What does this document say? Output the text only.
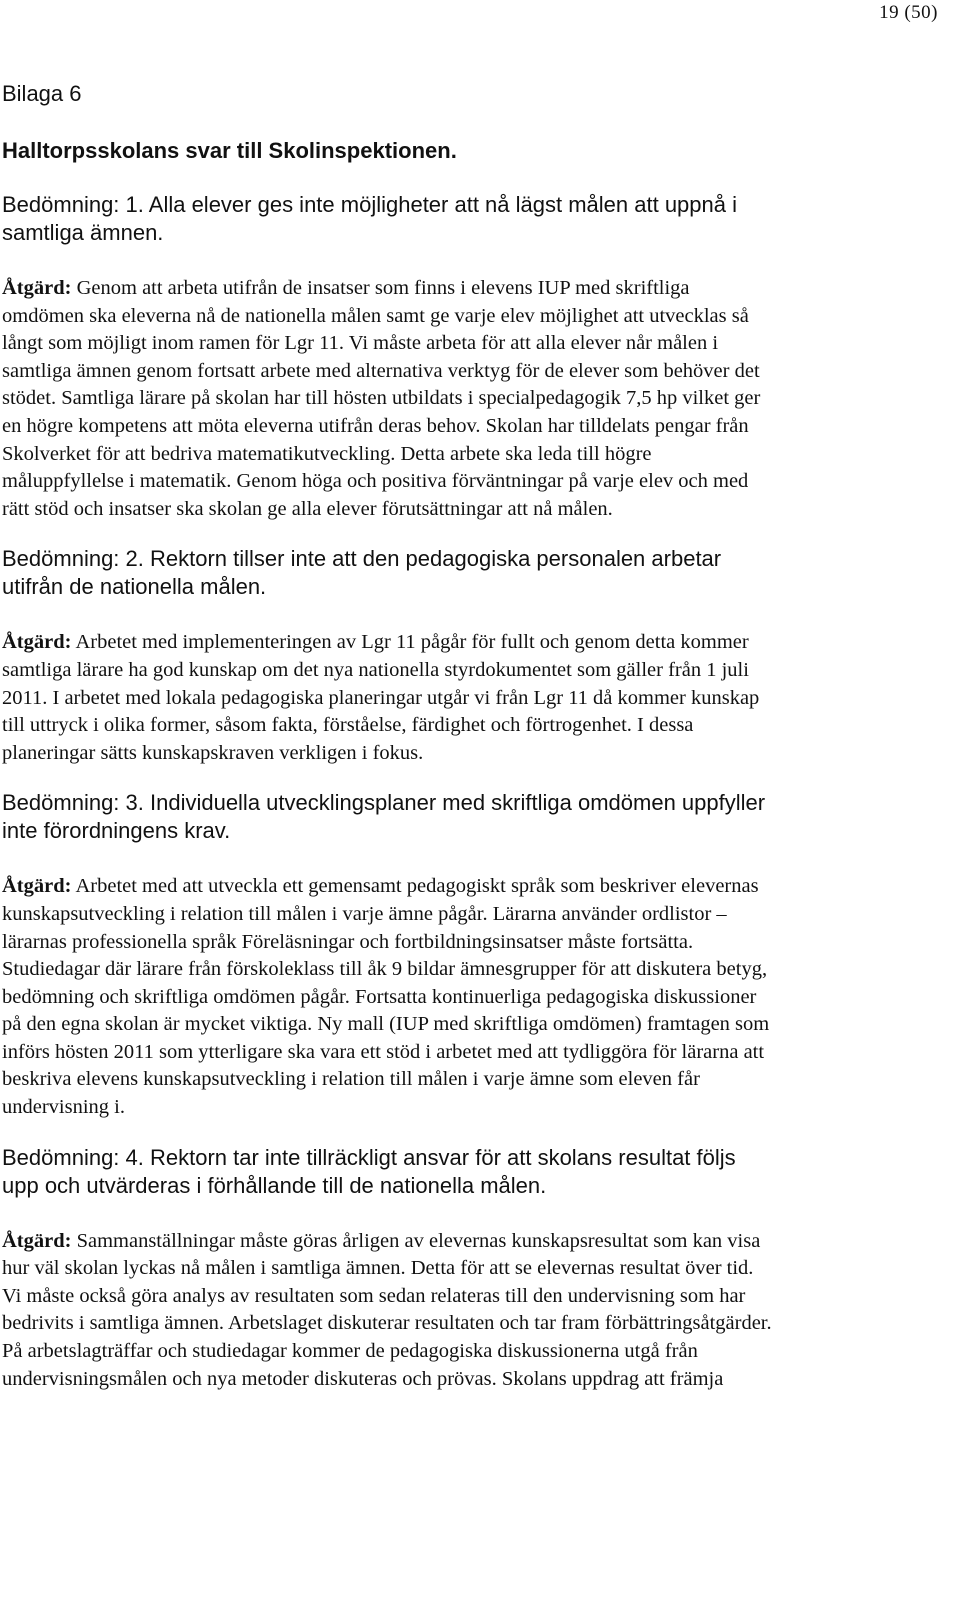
19 (50)

Bilaga 6

Halltorpsskolans svar till Skolinspektionen.

Bedömning: 1. Alla elever ges inte möjligheter att nå lägst målen att uppnå i samtliga ämnen.

Åtgärd: Genom att arbeta utifrån de insatser som finns i elevens IUP med skriftliga omdömen ska eleverna nå de nationella målen samt ge varje elev möjlighet att utvecklas så långt som möjligt inom ramen för Lgr 11. Vi måste arbeta för att alla elever når målen i samtliga ämnen genom fortsatt arbete med alternativa verktyg för de elever som behöver det stödet. Samtliga lärare på skolan har till hösten utbildats i specialpedagogik 7,5 hp vilket ger en högre kompetens att möta eleverna utifrån deras behov. Skolan har tilldelats pengar från Skolverket för att bedriva matematikutveckling. Detta arbete ska leda till högre måluppfyllelse i matematik. Genom höga och positiva förväntningar på varje elev och med rätt stöd och insatser ska skolan ge alla elever förutsättningar att nå målen.

Bedömning: 2. Rektorn tillser inte att den pedagogiska personalen arbetar utifrån de nationella målen.

Åtgärd: Arbetet med implementeringen av Lgr 11 pågår för fullt och genom detta kommer samtliga lärare ha god kunskap om det nya nationella styrdokumentet som gäller från 1 juli 2011. I arbetet med lokala pedagogiska planeringar utgår vi från Lgr 11 då kommer kunskap till uttryck i olika former, såsom fakta, förståelse, färdighet och förtrogenhet. I dessa planeringar sätts kunskapskraven verkligen i fokus.

Bedömning: 3. Individuella utvecklingsplaner med skriftliga omdömen uppfyller inte förordningens krav.

Åtgärd: Arbetet med att utveckla ett gemensamt pedagogiskt språk som beskriver elevernas kunskapsutveckling i relation till målen i varje ämne pågår. Lärarna använder ordlistor – lärarnas professionella språk Föreläsningar och fortbildningsinsatser måste fortsätta. Studiedagar där lärare från förskoleklass till åk 9 bildar ämnesgrupper för att diskutera betyg, bedömning och skriftliga omdömen pågår. Fortsatta kontinuerliga pedagogiska diskussioner på den egna skolan är mycket viktiga. Ny mall (IUP med skriftliga omdömen) framtagen som införs hösten 2011 som ytterligare ska vara ett stöd i arbetet med att tydliggöra för lärarna att beskriva elevens kunskapsutveckling i relation till målen i varje ämne som eleven får undervisning i.

Bedömning: 4. Rektorn tar inte tillräckligt ansvar för att skolans resultat följs upp och utvärderas i förhållande till de nationella målen.

Åtgärd: Sammanställningar måste göras årligen av elevernas kunskapsresultat som kan visa hur väl skolan lyckas nå målen i samtliga ämnen. Detta för att se elevernas resultat över tid. Vi måste också göra analys av resultaten som sedan relateras till den undervisning som har bedrivits i samtliga ämnen. Arbetslaget diskuterar resultaten och tar fram förbättringsåtgärder. På arbetslagträffar och studiedagar kommer de pedagogiska diskussionerna utgå från undervisningsmålen och nya metoder diskuteras och prövas. Skolans uppdrag att främja
